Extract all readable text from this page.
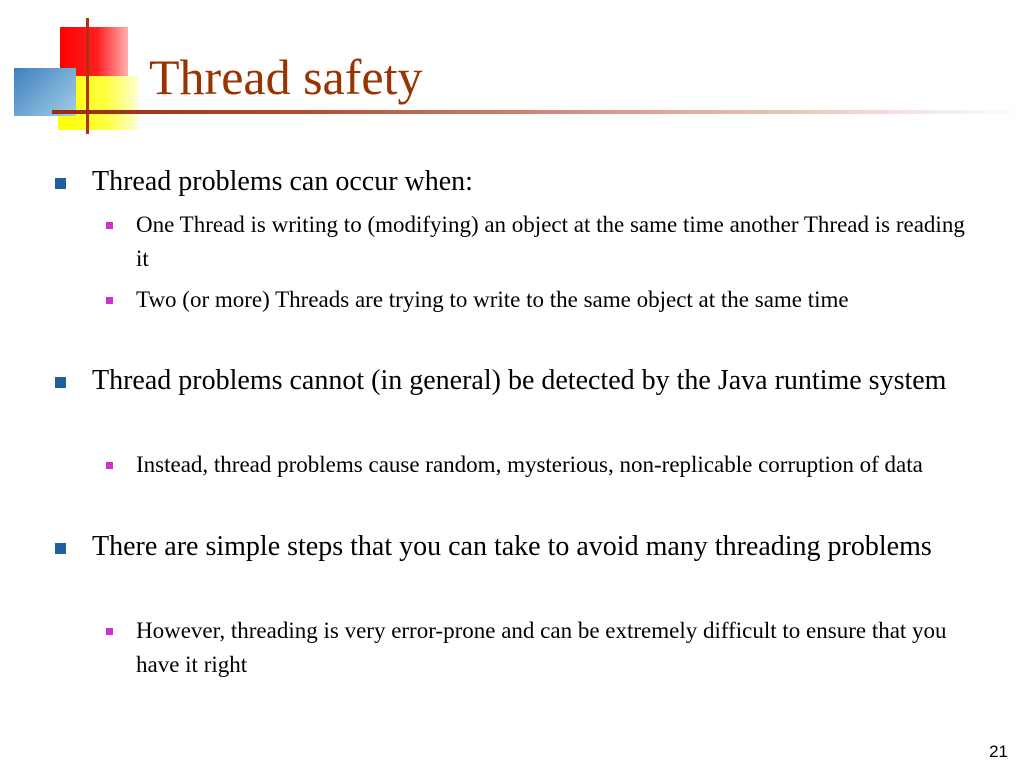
Thread safety
Thread problems can occur when:
One Thread is writing to (modifying) an object at the same time another Thread is reading it
Two (or more) Threads are trying to write to the same object at the same time
Thread problems cannot (in general) be detected by the Java runtime system
Instead, thread problems cause random, mysterious, non-replicable corruption of data
There are simple steps that you can take to avoid many threading problems
However, threading is very error-prone and can be extremely difficult to ensure that you have it right
21
